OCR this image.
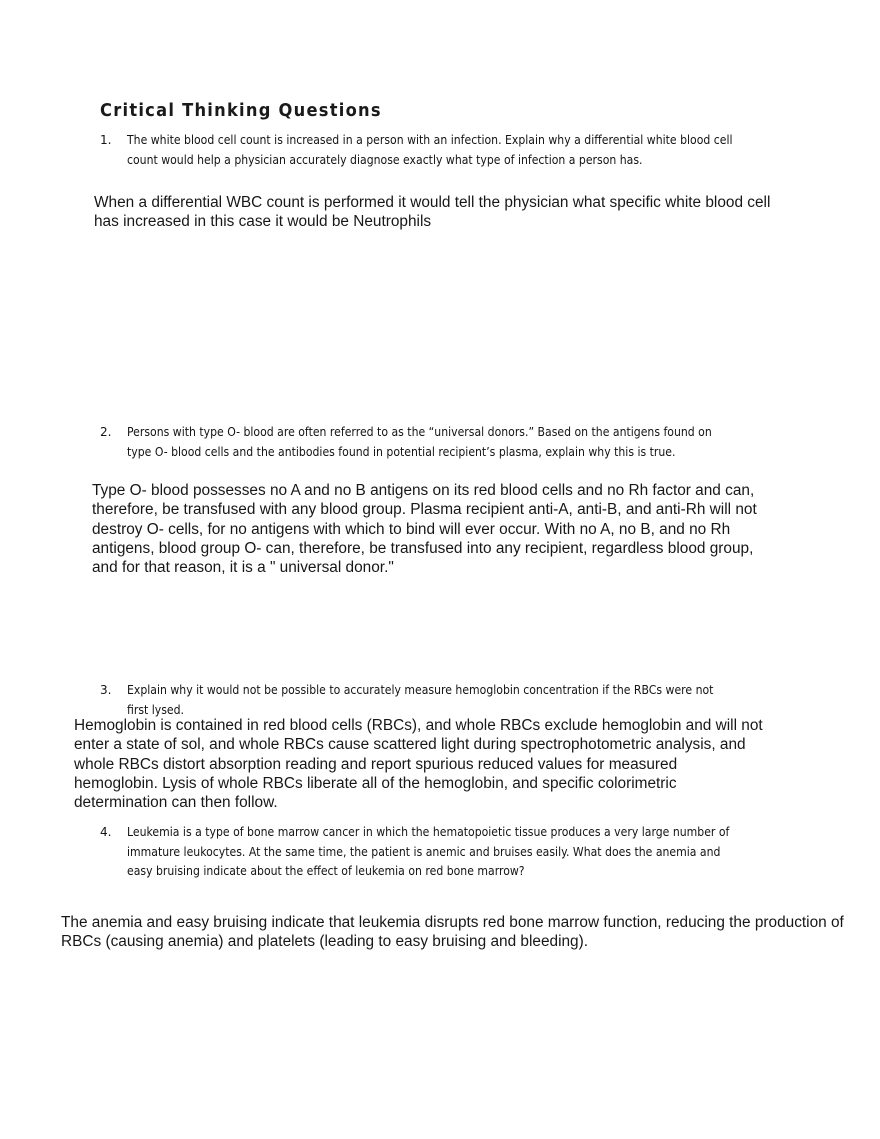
Critical Thinking Questions
1.	The white blood cell count is increased in a person with an infection. Explain why a differential white blood cell count would help a physician accurately diagnose exactly what type of infection a person has.
When a differential WBC count is performed it would tell the physician what specific white blood cell has increased in this case it would be Neutrophils
2.	Persons with type O- blood are often referred to as the “universal donors.” Based on the antigens found on type O- blood cells and the antibodies found in potential recipient’s plasma, explain why this is true.
Type O- blood possesses no A and no B antigens on its red blood cells and no Rh factor and can, therefore, be transfused with any blood group. Plasma recipient anti-A, anti-B, and anti-Rh will not destroy O- cells, for no antigens with which to bind will ever occur. With no A, no B, and no Rh antigens, blood group O- can, therefore, be transfused into any recipient, regardless blood group, and for that reason, it is a " universal donor."
3.	Explain why it would not be possible to accurately measure hemoglobin concentration if the RBCs were not first lysed.
Hemoglobin is contained in red blood cells (RBCs), and whole RBCs exclude hemoglobin and will not enter a state of sol, and whole RBCs cause scattered light during spectrophotometric analysis, and whole RBCs distort absorption reading and report spurious reduced values for measured hemoglobin. Lysis of whole RBCs liberate all of the hemoglobin, and specific colorimetric determination can then follow.
4.	Leukemia is a type of bone marrow cancer in which the hematopoietic tissue produces a very large number of immature leukocytes. At the same time, the patient is anemic and bruises easily. What does the anemia and easy bruising indicate about the effect of leukemia on red bone marrow?
The anemia and easy bruising indicate that leukemia disrupts red bone marrow function, reducing the production of RBCs (causing anemia) and platelets (leading to easy bruising and bleeding).
